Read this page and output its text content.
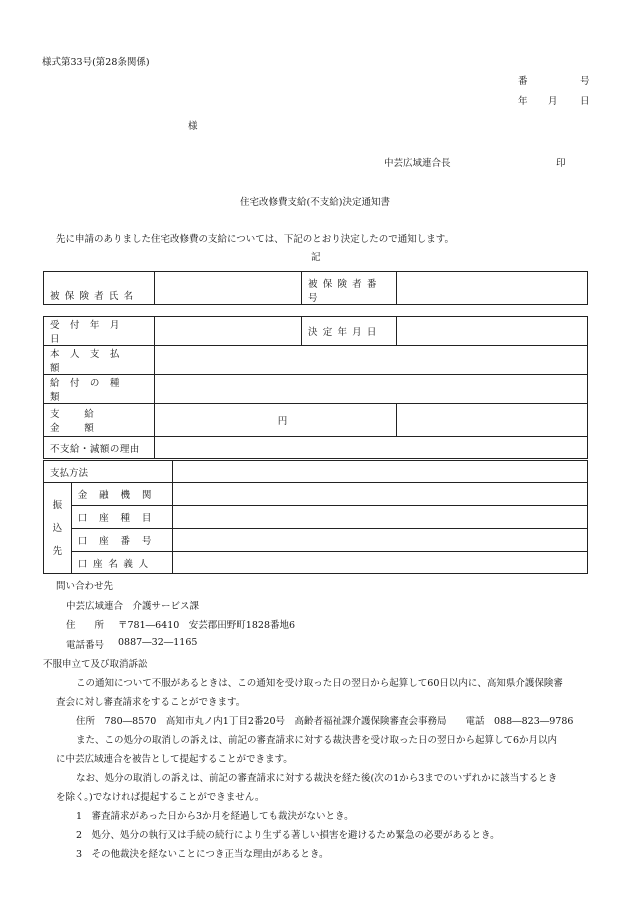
様式第33号(第28条関係)
番	号
年 月 日
様
中芸広域連合長	印
住宅改修費支給(不支給)決定通知書
先に申請のありました住宅改修費の支給については、下記のとおり決定したので通知します。
記
被保険者氏名		被保険者番号	
受付年月日		決定年月日	
本人支払額			
給付の種類			
支給金額	円		
不支給・減額の理由			
支払方法		

振
込
先	金融機関	
	口座種目	
	口座番号	
	口座名義人	
問い合わせ先
中芸広域連合　介護サービス課
住　　所 〒781―6410　安芸郡田野町1828番地6
電話番号 0887―32―1165
不服申立て及び取消訴訟
この通知について不服があるときは、この通知を受け取った日の翌日から起算して60日以内に、高知県介護保険審
査会に対し審査請求をすることができます。
住所　780―8570　高知市丸ノ内1丁目2番20号　高齢者福祉課介護保険審査会事務局　　電話　088―823―9786
また、この処分の取消しの訴えは、前記の審査請求に対する裁決書を受け取った日の翌日から起算して6か月以内
に中芸広域連合を被告として提起することができます。
なお、処分の取消しの訴えは、前記の審査請求に対する裁決を経た後(次の1から3までのいずれかに該当するとき
を除く。)でなければ提起することができません。
1　審査請求があった日から3か月を経過しても裁決がないとき。
2　処分、処分の執行又は手続の続行により生ずる著しい損害を避けるため緊急の必要があるとき。
3　その他裁決を経ないことにつき正当な理由があるとき。
